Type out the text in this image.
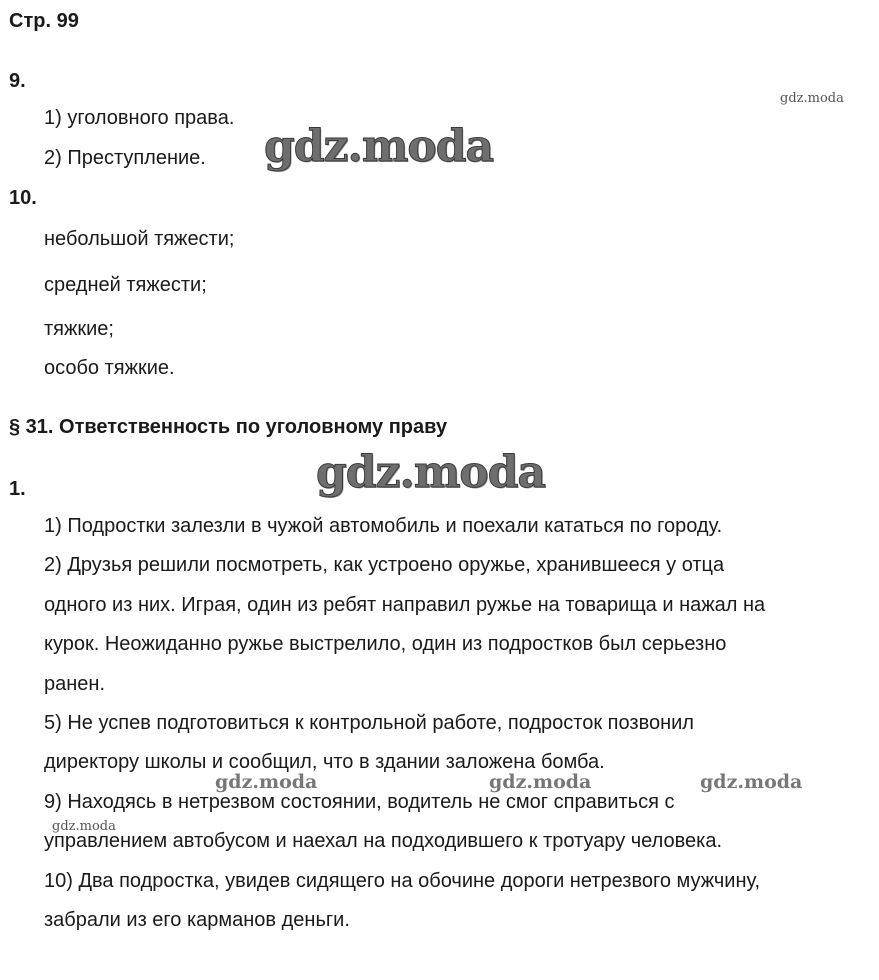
Стр. 99
9.
1) уголовного права.
2) Преступление.
10.
небольшой тяжести;
средней тяжести;
тяжкие;
особо тяжкие.
§ 31. Ответственность по уголовному праву
1.
1) Подростки залезли в чужой автомобиль и поехали кататься по городу.
2) Друзья решили посмотреть, как устроено оружье, хранившееся у отца
одного из них. Играя, один из ребят направил ружье на товарища и нажал на
курок. Неожиданно ружье выстрелило, один из подростков был серьезно
ранен.
5) Не успев подготовиться к контрольной работе, подросток позвонил
директору школы и сообщил, что в здании заложена бомба.
9) Находясь в нетрезвом состоянии, водитель не смог справиться с
управлением автобусом и наехал на подходившего к тротуару человека.
10) Два подростка, увидев сидящего на обочине дороги нетрезвого мужчину,
забрали из его карманов деньги.
gdz.moda
gdz.moda
gdz.moda
gdz.moda	gdz.moda	gdz.moda
gdz.moda
